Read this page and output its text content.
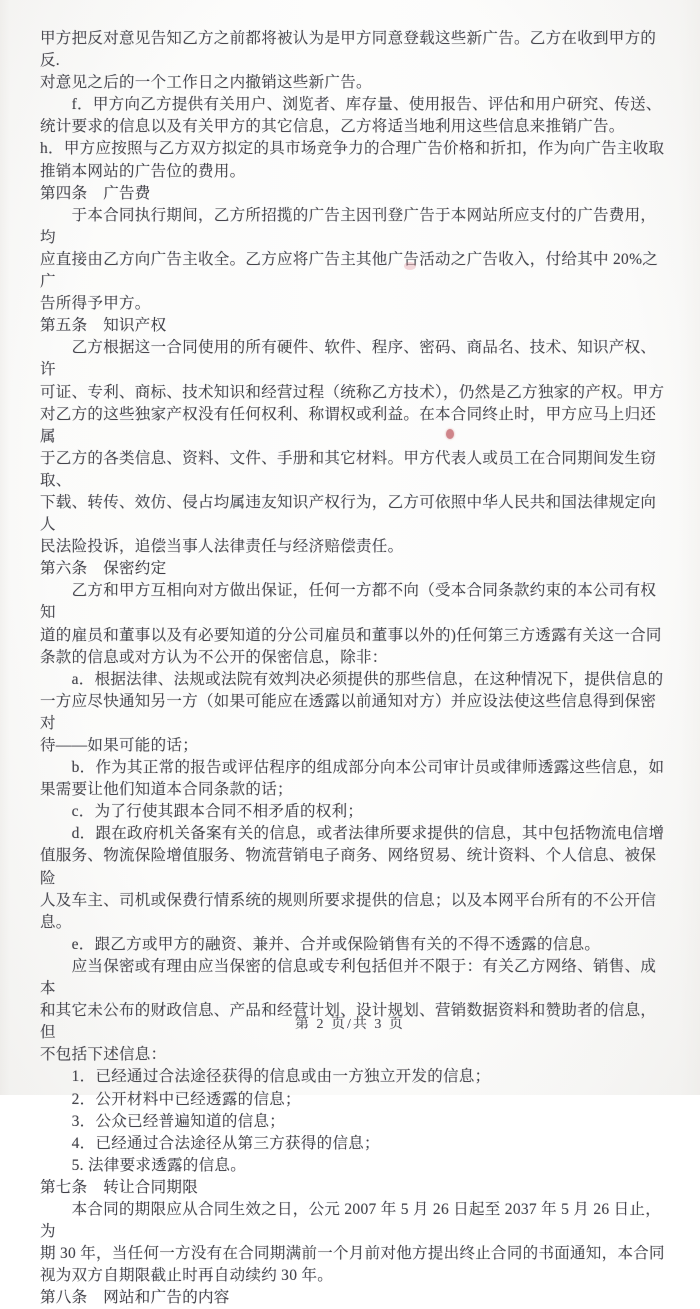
甲方把反对意见告知乙方之前都将被认为是甲方同意登载这些新广告。乙方在收到甲方的反.

对意见之后的一个工作日之内撤销这些新广告。

　　f．甲方向乙方提供有关用户、浏览者、库存量、使用报告、评估和用户研究、传送、

统计要求的信息以及有关甲方的其它信息，乙方将适当地利用这些信息来推销广告。

h．甲方应按照与乙方双方拟定的具市场竞争力的合理广告价格和折扣，作为向广告主收取

推销本网站的广告位的费用。

第四条　广告费

　　于本合同执行期间，乙方所招揽的广告主因刊登广告于本网站所应支付的广告费用，均

应直接由乙方向广告主收全。乙方应将广告主其他广告活动之广告收入，付给其中 20%之广

告所得予甲方。

第五条　知识产权

　　乙方根据这一合同使用的所有硬件、软件、程序、密码、商品名、技术、知识产权、许

可证、专利、商标、技术知识和经营过程（统称乙方技术），仍然是乙方独家的产权。甲方

对乙方的这些独家产权没有任何权利、称谓权或利益。在本合同终止时，甲方应马上归还属

于乙方的各类信息、资料、文件、手册和其它材料。甲方代表人或员工在合同期间发生窃取、

下载、转传、效仿、侵占均属违友知识产权行为，乙方可依照中华人民共和国法律规定向人

民法险投诉，追偿当事人法律责任与经济赔偿责任。

第六条　保密约定

　　乙方和甲方互相向对方做出保证，任何一方都不向（受本合同条款约束的本公司有权知

道的雇员和董事以及有必要知道的分公司雇员和董事以外的)任何第三方透露有关这一合同

条款的信息或对方认为不公开的保密信息，除非：

　　a．根据法律、法规或法院有效判决必须提供的那些信息，在这种情况下，提供信息的

一方应尽快通知另一方（如果可能应在透露以前通知对方）并应设法使这些信息得到保密对

待——如果可能的话；

　　b．作为其正常的报告或评估程序的组成部分向本公司审计员或律师透露这些信息，如

果需要让他们知道本合同条款的话；

　　c．为了行使其跟本合同不相矛盾的权利；

　　d．跟在政府机关备案有关的信息，或者法律所要求提供的信息，其中包括物流电信增

值服务、物流保险增值服务、物流营销电子商务、网络贸易、统计资料、个人信息、被保险

人及车主、司机或保费行情系统的规则所要求提供的信息；以及本网平台所有的不公开信息。

　　e．跟乙方或甲方的融资、兼并、合并或保险销售有关的不得不透露的信息。

　　应当保密或有理由应当保密的信息或专利包括但并不限于：有关乙方网络、销售、成本

和其它未公布的财政信息、产品和经营计划、设计规划、营销数据资料和赞助者的信息，但

不包括下述信息：

　　1．已经通过合法途径获得的信息或由一方独立开发的信息；

　　2．公开材料中已经透露的信息；

　　3．公众已经普遍知道的信息；

　　4．已经通过合法途径从第三方获得的信息；

　　5. 法律要求透露的信息。

第七条　转让合同期限

　　本合同的期限应从合同生效之日，公元 2007 年 5 月 26 日起至 2037 年 5 月 26 日止，为

期 30 年，当任何一方没有在合同期满前一个月前对他方提出终止合同的书面通知，本合同

视为双方自期限截止时再自动续约 30 年。

第八条　网站和广告的内容

第 2 页/共 3 页
